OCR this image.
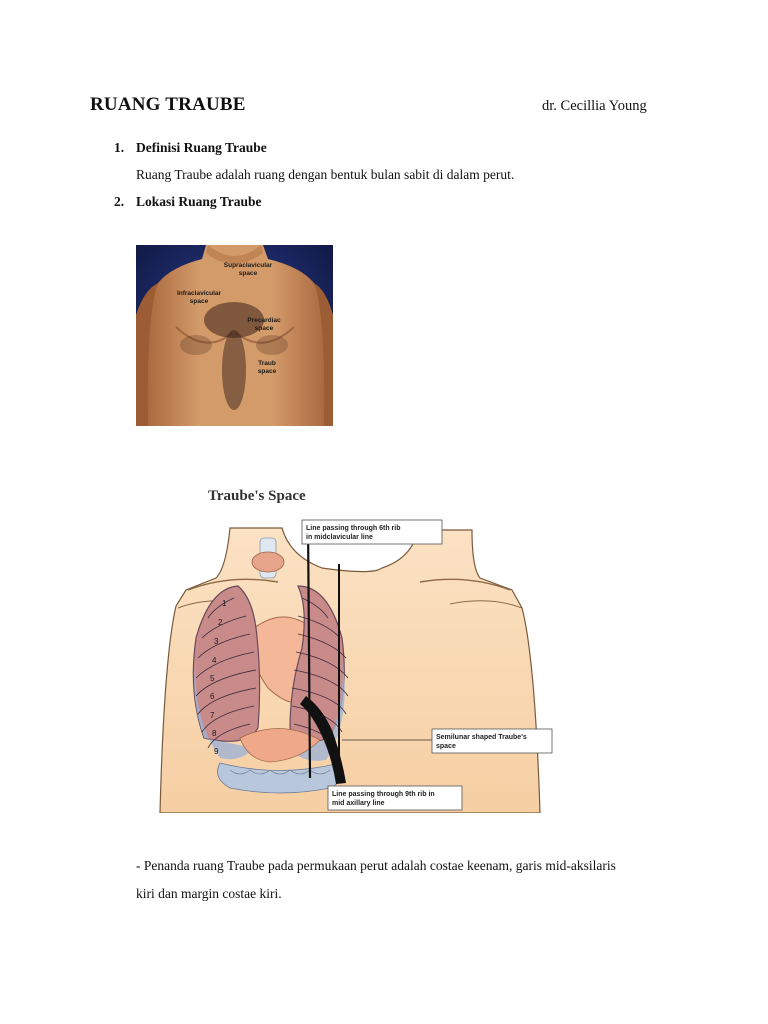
RUANG TRAUBE	dr. Cecillia Young
1. Definisi Ruang Traube
Ruang Traube adalah ruang dengan bentuk bulan sabit di dalam perut.
2. Lokasi Ruang Traube
Supraclavicular
space
Infraclavicular
space
Precardiac
space
Traub
space
Traube's Space
1
2
3
4
5
6
7
8
9
Line passing through 6th rib
in midclavicular line
Semilunar shaped Traube's
space
Line passing through 9th rib in
mid axillary line
- Penanda ruang Traube pada permukaan perut adalah costae keenam, garis mid-aksilaris kiri dan margin costae kiri.
